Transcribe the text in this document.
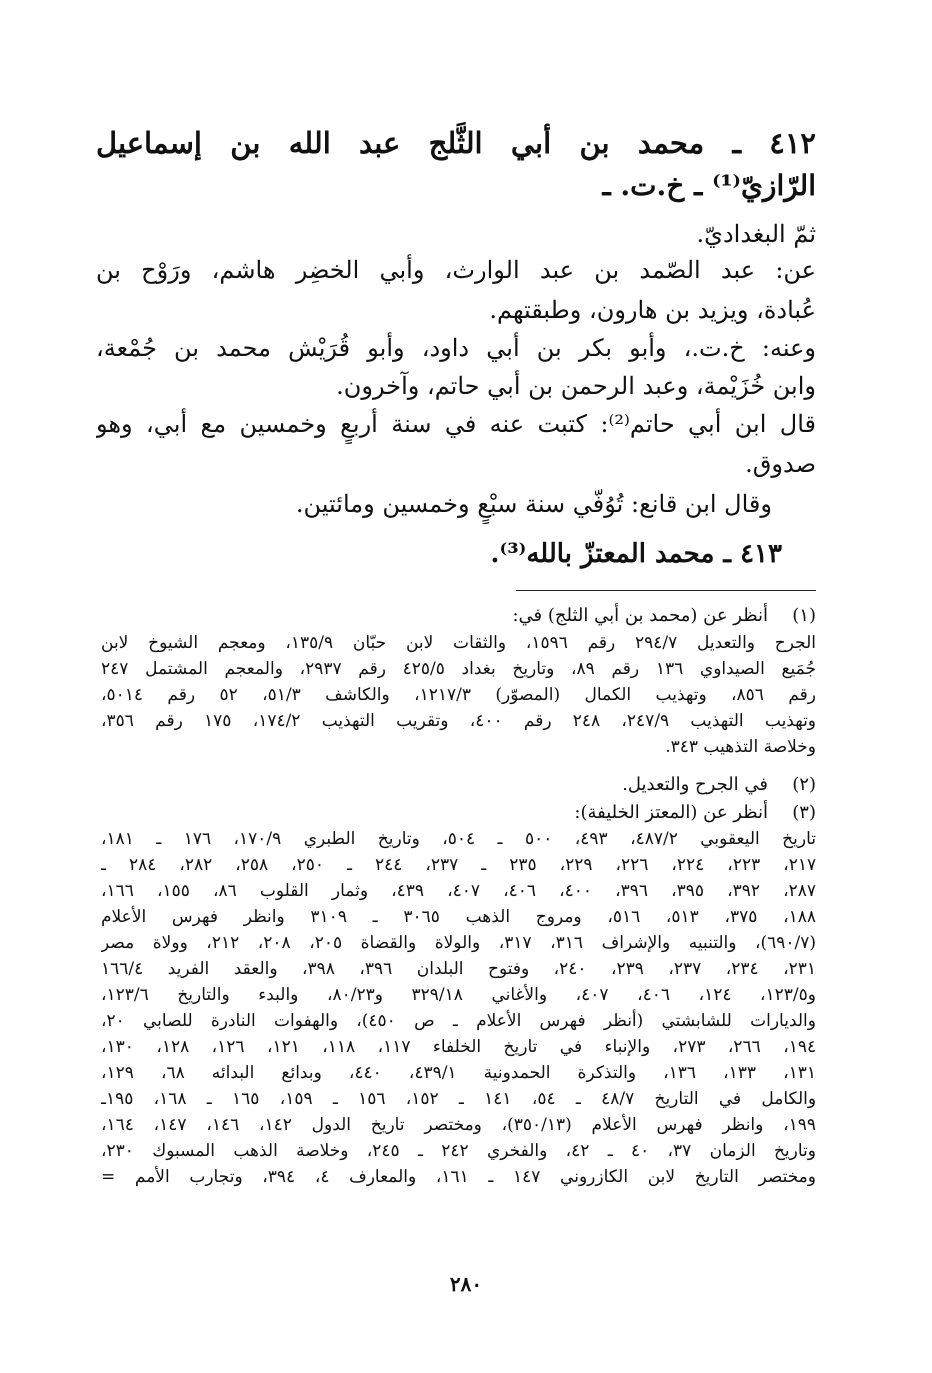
٤١٢ ـ محمد بن أبي الثَّلج عبد الله بن إسماعيل
الرّازيّ⁽¹⁾ ـ خ.ت. ـ
ثمّ البغداديّ.
عن: عبد الصّمد بن عبد الوارث، وأبي الخضِر هاشم، ورَوْح بن
عُبادة، ويزيد بن هارون، وطبقتهم.
وعنه: خ.ت.، وأبو بكر بن أبي داود، وأبو قُرَيْش محمد بن جُمْعة،
وابن خُزَيْمة، وعبد الرحمن بن أبي حاتم، وآخرون.
قال ابن أبي حاتم⁽²⁾: كتبت عنه في سنة أربعٍ وخمسين مع أبي، وهو
صدوق.
وقال ابن قانع: تُوُفّي سنة سبْعٍ وخمسين ومائتين.
٤١٣ ـ محمد المعتزّ بالله⁽³⁾.
(١)
أنظر عن (محمد بن أبي الثلج) في:
الجرح والتعديل ٢٩٤/٧ رقم ١٥٩٦، والثقات لابن حبّان ١٣٥/٩، ومعجم الشيوخ لابن
جُمَيع الصيداوي ١٣٦ رقم ٨٩، وتاريخ بغداد ٤٢٥/٥ رقم ٢٩٣٧، والمعجم المشتمل ٢٤٧
رقم ٨٥٦، وتهذيب الكمال (المصوّر) ١٢١٧/٣، والكاشف ٥١/٣، ٥٢ رقم ٥٠١٤،
وتهذيب التهذيب ٢٤٧/٩، ٢٤٨ رقم ٤٠٠، وتقريب التهذيب ١٧٤/٢، ١٧٥ رقم ٣٥٦،
وخلاصة التذهيب ٣٤٣.
(٢)
في الجرح والتعديل.
(٣)
أنظر عن (المعتز الخليفة):
تاريخ اليعقوبي ٤٨٧/٢، ٤٩٣، ٥٠٠ ـ ٥٠٤، وتاريخ الطبري ١٧٠/٩، ١٧٦ ـ ١٨١،
٢١٧، ٢٢٣، ٢٢٤، ٢٢٦، ٢٢٩، ٢٣٥ ـ ٢٣٧، ٢٤٤ ـ ٢٥٠، ٢٥٨، ٢٨٢، ٢٨٤ ـ
٢٨٧، ٣٩٢، ٣٩٥، ٣٩٦، ٤٠٠، ٤٠٦، ٤٠٧، ٤٣٩، وثمار القلوب ٨٦، ١٥٥، ١٦٦،
١٨٨، ٣٧٥، ٥١٣، ٥١٦، ومروج الذهب ٣٠٦٥ ـ ٣١٠٩ وانظر فهرس الأعلام
(٦٩٠/٧)، والتنبيه والإشراف ٣١٦، ٣١٧، والولاة والقضاة ٢٠٥، ٢٠٨، ٢١٢، وولاة مصر
٢٣١، ٢٣٤، ٢٣٧، ٢٣٩، ٢٤٠، وفتوح البلدان ٣٩٦، ٣٩٨، والعقد الفريد ١٦٦/٤
و١٢٣/٥، ١٢٤، ٤٠٦، ٤٠٧، والأغاني ٣٢٩/١٨ و٨٠/٢٣، والبدء والتاريخ ١٢٣/٦،
والديارات للشابشتي (أنظر فهرس الأعلام ـ ص ٤٥٠)، والهفوات النادرة للصابي ٢٠،
١٩٤، ٢٦٦، ٢٧٣، والإنباء في تاريخ الخلفاء ١١٧، ١١٨، ١٢١، ١٢٦، ١٢٨، ١٣٠،
١٣١، ١٣٣، ١٣٦، والتذكرة الحمدونية ٤٣٩/١، ٤٤٠، وبدائع البدائه ٦٨، ١٢٩،
والكامل في التاريخ ٤٨/٧ ـ ٥٤، ١٤١ ـ ١٥٢، ١٥٦ ـ ١٥٩، ١٦٥ ـ ١٦٨، ١٩٥ـ
١٩٩، وانظر فهرس الأعلام (٣٥٠/١٣)، ومختصر تاريخ الدول ١٤٢، ١٤٦، ١٤٧، ١٦٤،
وتاريخ الزمان ٣٧، ٤٠ ـ ٤٢، والفخري ٢٤٢ ـ ٢٤٥، وخلاصة الذهب المسبوك ٢٣٠،
ومختصر التاريخ لابن الكازروني ١٤٧ ـ ١٦١، والمعارف ٤، ٣٩٤، وتجارب الأمم =
٢٨٠
